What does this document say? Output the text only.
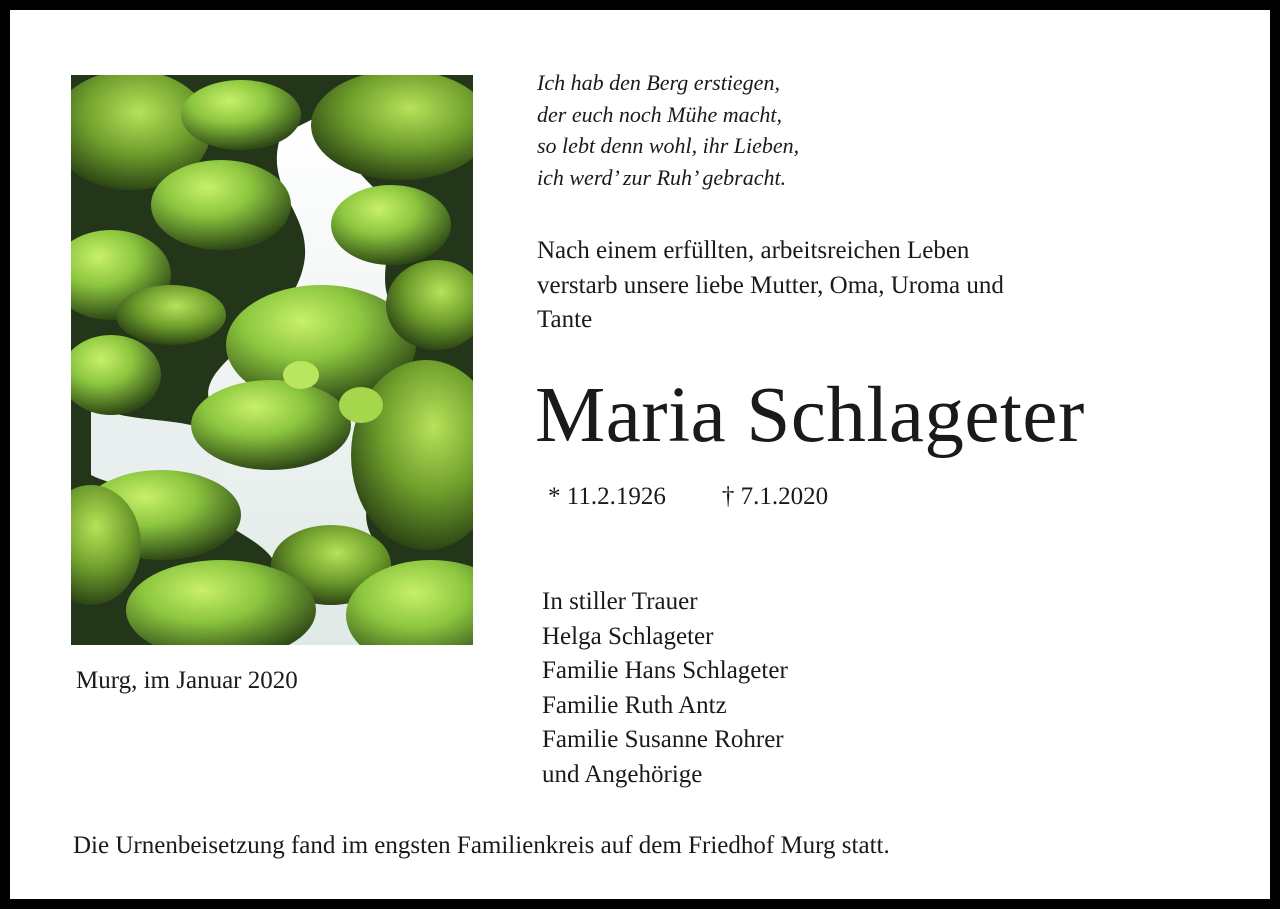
Murg, im Januar 2020
Ich hab den Berg erstiegen,
der euch noch Mühe macht,
so lebt denn wohl, ihr Lieben,
ich werd’ zur Ruh’ gebracht.
Nach einem erfüllten, arbeitsreichen Leben
verstarb unsere liebe Mutter, Oma, Uroma und
Tante
Maria Schlageter
* 11.2.1926 † 7.1.2020
In stiller Trauer
Helga Schlageter
Familie Hans Schlageter
Familie Ruth Antz
Familie Susanne Rohrer
und Angehörige
Die Urnenbeisetzung fand im engsten Familienkreis auf dem Friedhof Murg statt.
